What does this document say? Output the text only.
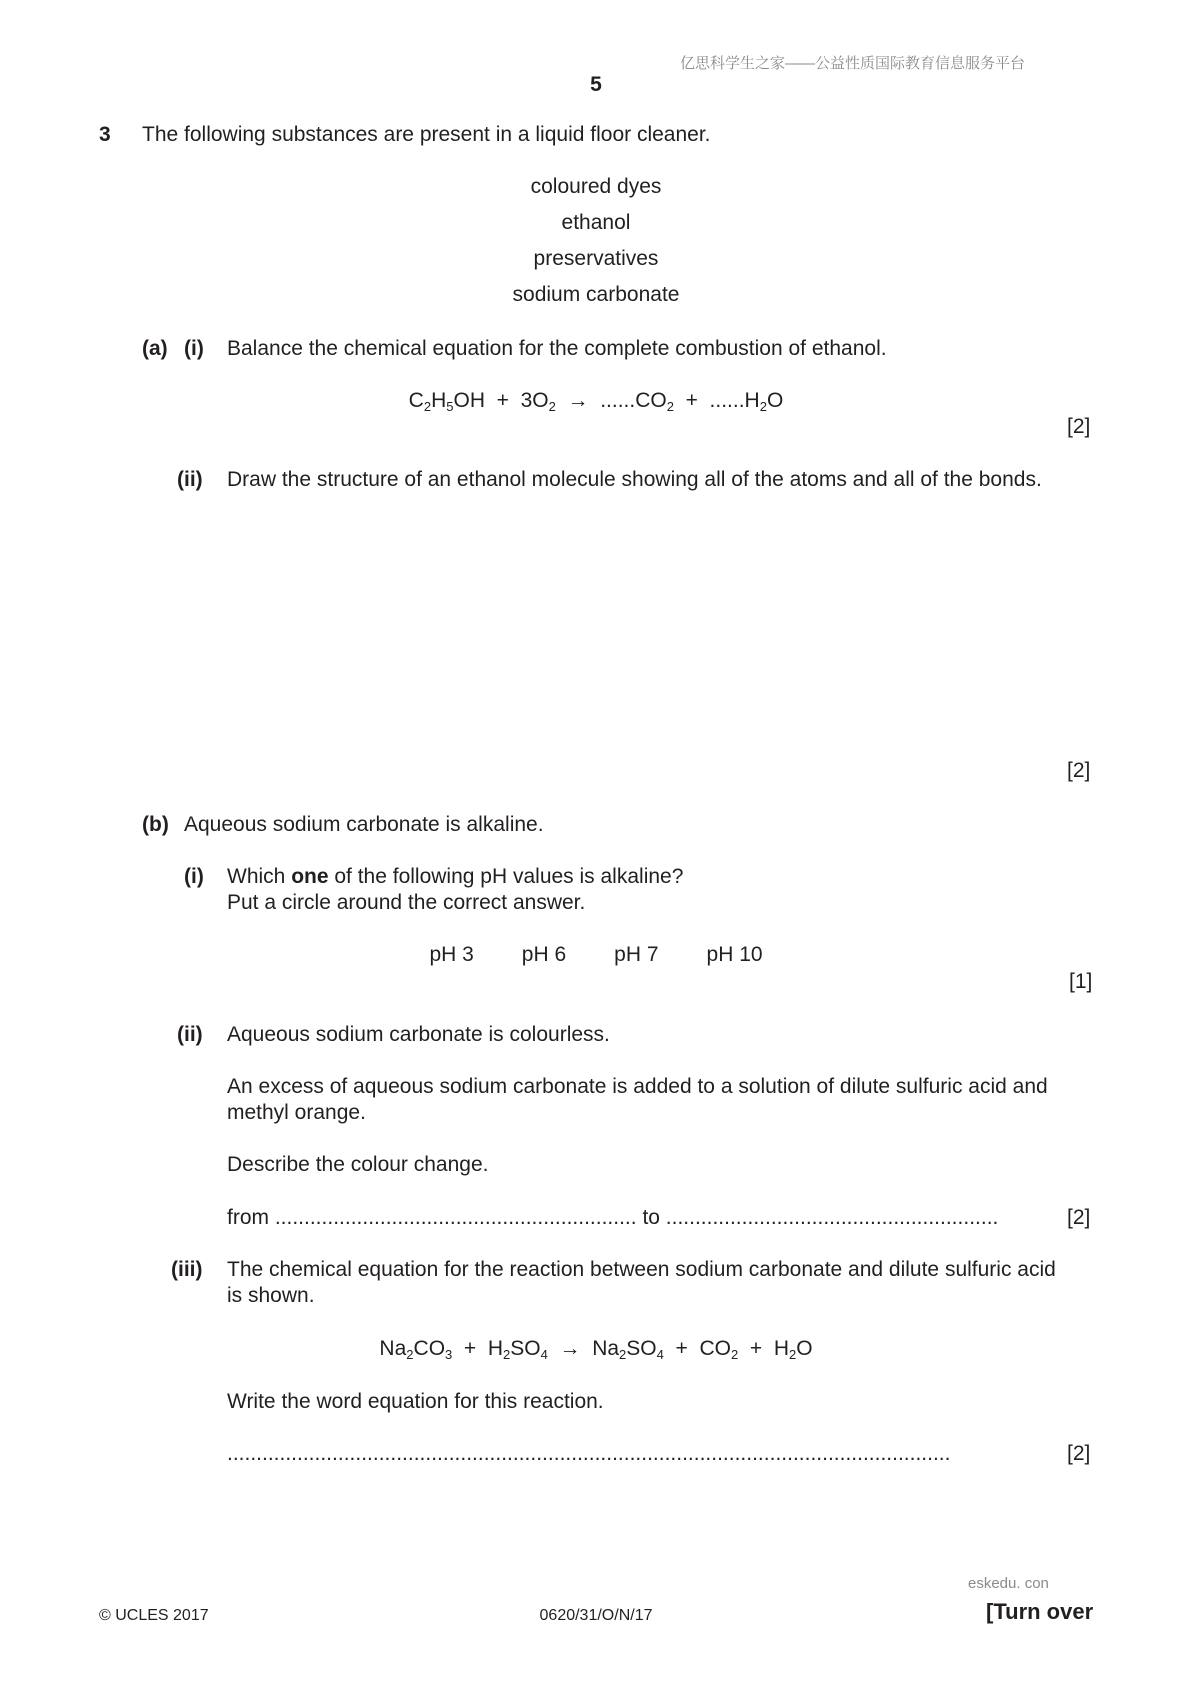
亿思科学生之家——公益性质国际教育信息服务平台
5
3 The following substances are present in a liquid floor cleaner.
coloured dyes
ethanol
preservatives
sodium carbonate
(a) (i) Balance the chemical equation for the complete combustion of ethanol.
$C_2H_5OH + 3O_2 \to ......CO_2 + ......H_2O$
[2]
(ii) Draw the structure of an ethanol molecule showing all of the atoms and all of the bonds.
[2]
(b) Aqueous sodium carbonate is alkaline.
(i) Which one of the following pH values is alkaline?
Put a circle around the correct answer.
pH 3 pH 6 pH 7 pH 10
[1]
(ii) Aqueous sodium carbonate is colourless.
An excess of aqueous sodium carbonate is added to a solution of dilute sulfuric acid and
methyl orange.
Describe the colour change.
from .............................................................. to .........................................................	[2]
(iii) The chemical equation for the reaction between sodium carbonate and dilute sulfuric acid
is shown.
$Na_2CO_3 + H_2SO_4 \to Na_2SO_4 + CO_2 + H_2O$
Write the word equation for this reaction.
............................................................................................................................	[2]
eskedu. con
© UCLES 2017	0620/31/O/N/17	[Turn over
